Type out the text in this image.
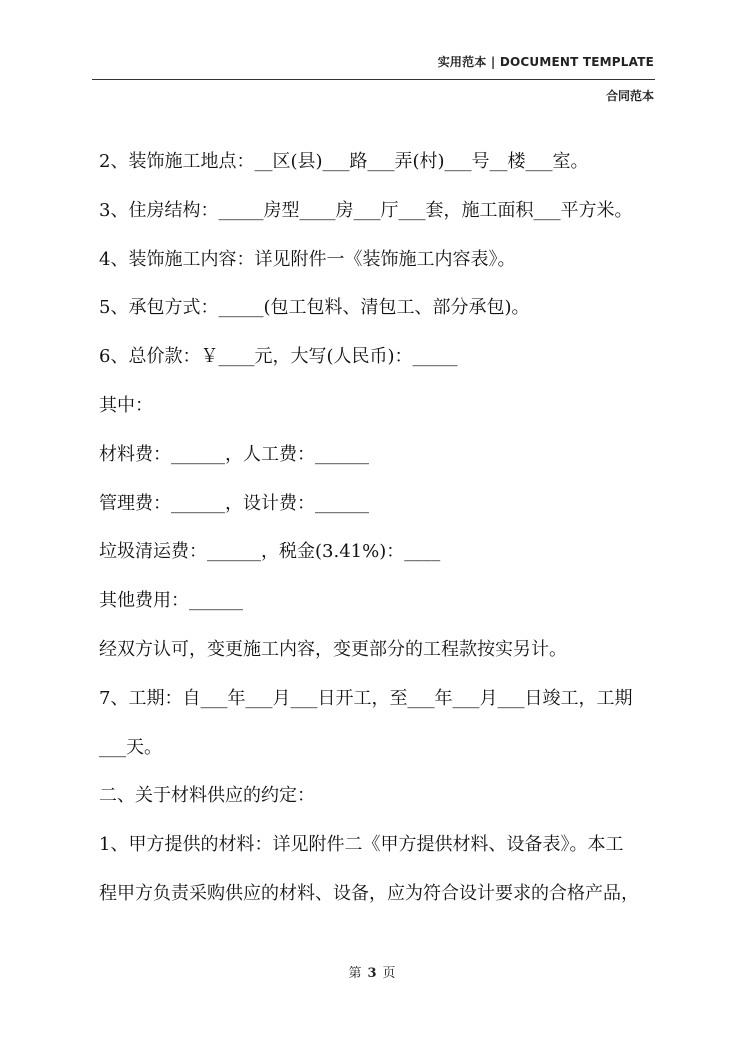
实用范本 | DOCUMENT TEMPLATE
合同范本
2、装饰施工地点：__区(县)___路___弄(村)___号__楼___室。
3、住房结构：_____房型____房___厅___套，施工面积___平方米。
4、装饰施工内容：详见附件一《装饰施工内容表》。
5、承包方式：_____(包工包料、清包工、部分承包)。
6、总价款：￥____元，大写(人民币)：_____
其中：
材料费：______，人工费：______
管理费：______，设计费：______
垃圾清运费：______，税金(3.41%)：____
其他费用：______
经双方认可，变更施工内容，变更部分的工程款按实另计。
7、工期：自___年___月___日开工，至___年___月___日竣工，工期
___天。
二、关于材料供应的约定：
1、甲方提供的材料：详见附件二《甲方提供材料、设备表》。本工
程甲方负责采购供应的材料、设备，应为符合设计要求的合格产品，
第 3 页
